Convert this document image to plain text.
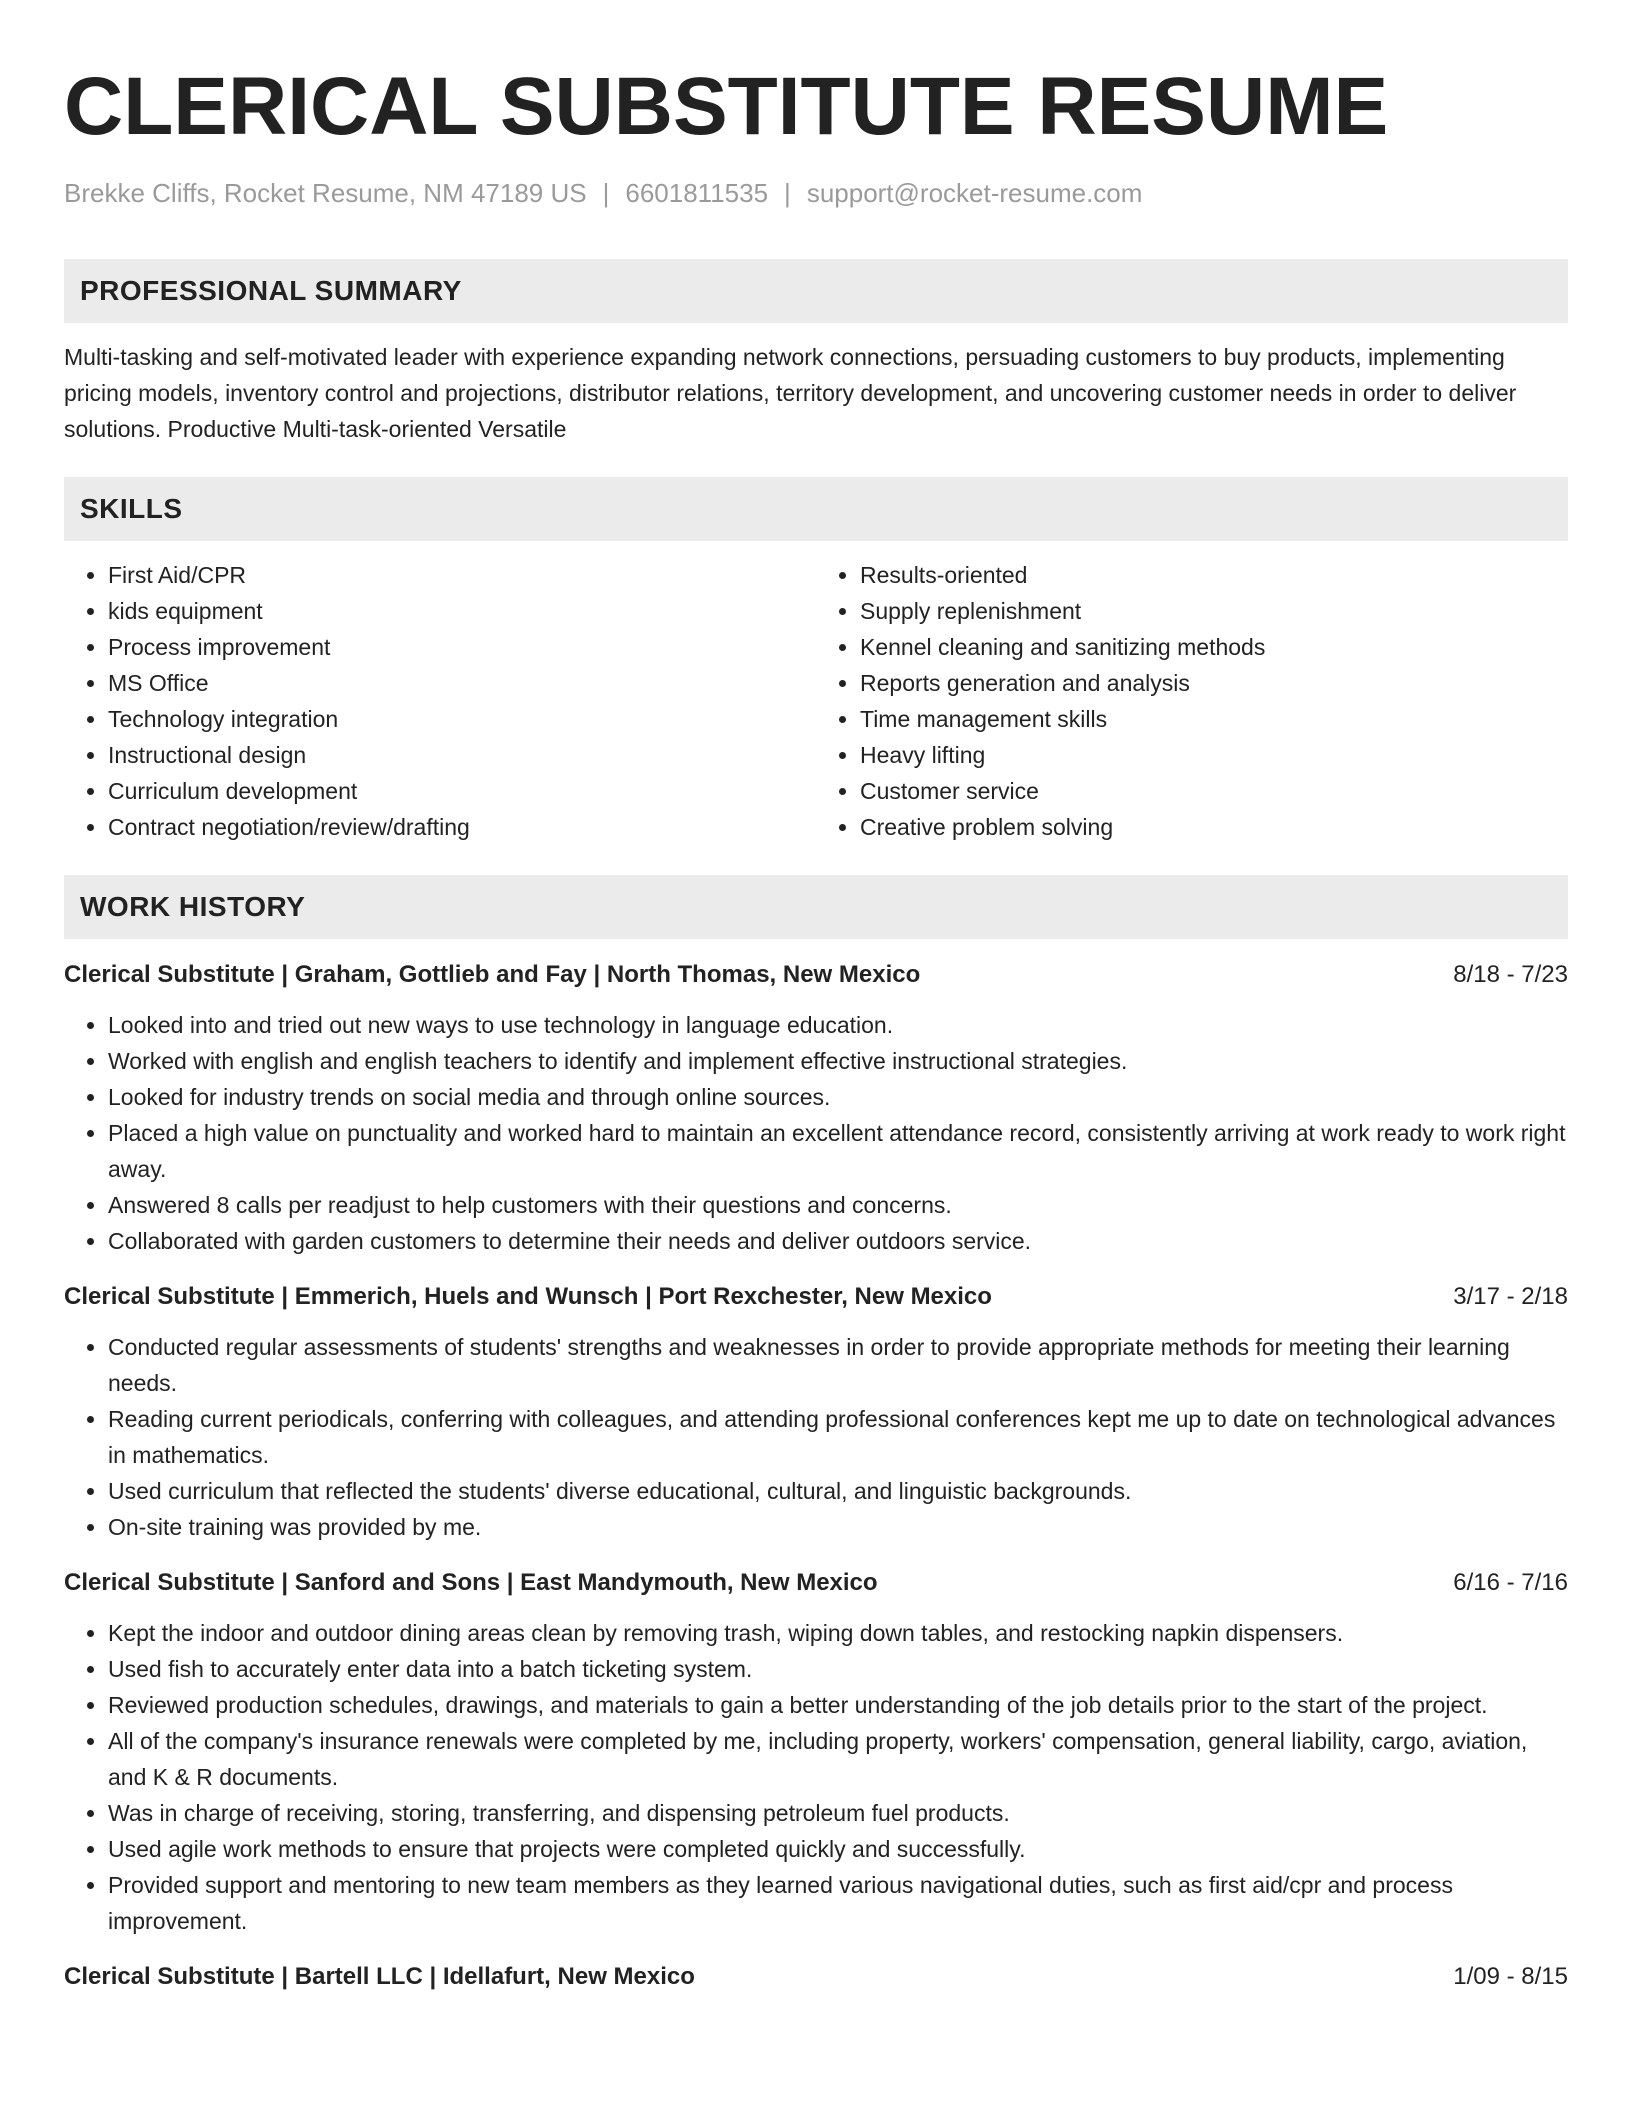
CLERICAL SUBSTITUTE RESUME
Brekke Cliffs, Rocket Resume, NM 47189 US | 6601811535 | support@rocket-resume.com
PROFESSIONAL SUMMARY

Multi-tasking and self-motivated leader with experience expanding network connections, persuading customers to buy products, implementing pricing models, inventory control and projections, distributor relations, territory development, and uncovering customer needs in order to deliver solutions. Productive Multi-task-oriented Versatile

SKILLS
• First Aid/CPR
• kids equipment
• Process improvement
• MS Office
• Technology integration
• Instructional design
• Curriculum development
• Contract negotiation/review/drafting
• Results-oriented
• Supply replenishment
• Kennel cleaning and sanitizing methods
• Reports generation and analysis
• Time management skills
• Heavy lifting
• Customer service
• Creative problem solving
WORK HISTORY
Clerical Substitute | Graham, Gottlieb and Fay | North Thomas, New Mexico	8/18 - 7/23
• Looked into and tried out new ways to use technology in language education.
• Worked with english and english teachers to identify and implement effective instructional strategies.
• Looked for industry trends on social media and through online sources.
• Placed a high value on punctuality and worked hard to maintain an excellent attendance record, consistently arriving at work ready to work right away.
• Answered 8 calls per readjust to help customers with their questions and concerns.
• Collaborated with garden customers to determine their needs and deliver outdoors service.
Clerical Substitute | Emmerich, Huels and Wunsch | Port Rexchester, New Mexico	3/17 - 2/18
• Conducted regular assessments of students' strengths and weaknesses in order to provide appropriate methods for meeting their learning needs.
• Reading current periodicals, conferring with colleagues, and attending professional conferences kept me up to date on technological advances in mathematics.
• Used curriculum that reflected the students' diverse educational, cultural, and linguistic backgrounds.
• On-site training was provided by me.
Clerical Substitute | Sanford and Sons | East Mandymouth, New Mexico	6/16 - 7/16
• Kept the indoor and outdoor dining areas clean by removing trash, wiping down tables, and restocking napkin dispensers.
• Used fish to accurately enter data into a batch ticketing system.
• Reviewed production schedules, drawings, and materials to gain a better understanding of the job details prior to the start of the project.
• All of the company's insurance renewals were completed by me, including property, workers' compensation, general liability, cargo, aviation, and K & R documents.
• Was in charge of receiving, storing, transferring, and dispensing petroleum fuel products.
• Used agile work methods to ensure that projects were completed quickly and successfully.
• Provided support and mentoring to new team members as they learned various navigational duties, such as first aid/cpr and process improvement.
Clerical Substitute | Bartell LLC | Idellafurt, New Mexico	1/09 - 8/15
